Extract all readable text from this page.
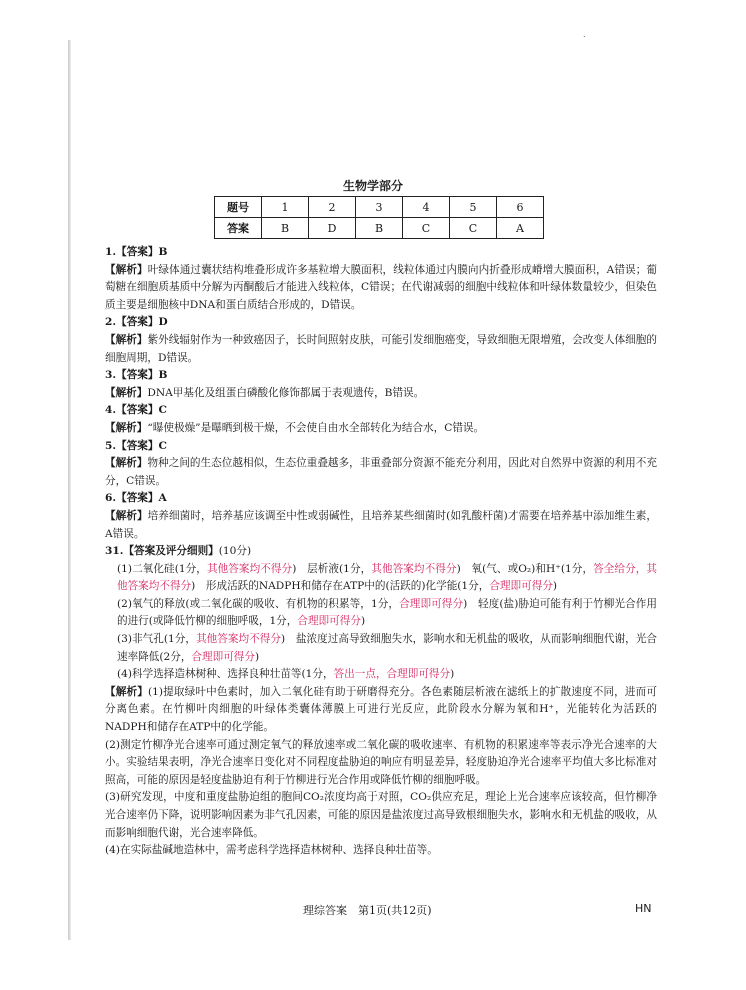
.
生物学部分
题号	1	2	3	4	5	6
答案	B	D	B	C	C	A

1.【答案】B

【解析】叶绿体通过囊状结构堆叠形成许多基粒增大膜面积，线粒体通过内膜向内折叠形成嵴增大膜面积，A错误；葡萄糖在细胞质基质中分解为丙酮酸后才能进入线粒体，C错误；在代谢减弱的细胞中线粒体和叶绿体数量较少，但染色质主要是细胞核中DNA和蛋白质结合形成的，D错误。

2.【答案】D

【解析】紫外线辐射作为一种致癌因子，长时间照射皮肤，可能引发细胞癌变，导致细胞无限增殖，会改变人体细胞的细胞周期，D错误。

3.【答案】B

【解析】DNA甲基化及组蛋白磷酸化修饰都属于表观遗传，B错误。

4.【答案】C

【解析】“曝使极燥”是曝晒到极干燥，不会使自由水全部转化为结合水，C错误。

5.【答案】C

【解析】物种之间的生态位越相似，生态位重叠越多，非重叠部分资源不能充分利用，因此对自然界中资源的利用不充分，C错误。

6.【答案】A

【解析】培养细菌时，培养基应该调至中性或弱碱性，且培养某些细菌时(如乳酸杆菌)才需要在培养基中添加维生素，A错误。

31.【答案及评分细则】(10分)

(1)二氧化硅(1分，其他答案均不得分)　层析液(1分，其他答案均不得分)　氧(气、或O₂)和H⁺(1分，答全给分，其他答案均不得分)　形成活跃的NADPH和储存在ATP中的(活跃的)化学能(1分，合理即可得分)

(2)氧气的释放(或二氧化碳的吸收、有机物的积累等，1分，合理即可得分)　轻度(盐)胁迫可能有利于竹柳光合作用的进行(或降低竹柳的细胞呼吸，1分，合理即可得分)

(3)非气孔(1分，其他答案均不得分)　盐浓度过高导致细胞失水，影响水和无机盐的吸收，从而影响细胞代谢，光合速率降低(2分，合理即可得分)

(4)科学选择造林树种、选择良种壮苗等(1分，答出一点，合理即可得分)

【解析】(1)提取绿叶中色素时，加入二氧化硅有助于研磨得充分。各色素随层析液在滤纸上的扩散速度不同，进而可分离色素。在竹柳叶肉细胞的叶绿体类囊体薄膜上可进行光反应，此阶段水分解为氧和H⁺，光能转化为活跃的NADPH和储存在ATP中的化学能。

(2)测定竹柳净光合速率可通过测定氧气的释放速率或二氧化碳的吸收速率、有机物的积累速率等表示净光合速率的大小。实验结果表明，净光合速率日变化对不同程度盐胁迫的响应有明显差异，轻度胁迫净光合速率平均值大多比标准对照高，可能的原因是轻度盐胁迫有利于竹柳进行光合作用或降低竹柳的细胞呼吸。

(3)研究发现，中度和重度盐胁迫组的胞间CO₂浓度均高于对照，CO₂供应充足，理论上光合速率应该较高，但竹柳净光合速率仍下降，说明影响因素为非气孔因素，可能的原因是盐浓度过高导致根细胞失水，影响水和无机盐的吸收，从而影响细胞代谢，光合速率降低。

(4)在实际盐碱地造林中，需考虑科学选择造林树种、选择良种壮苗等。

理综答案　第1页(共12页)	HN
